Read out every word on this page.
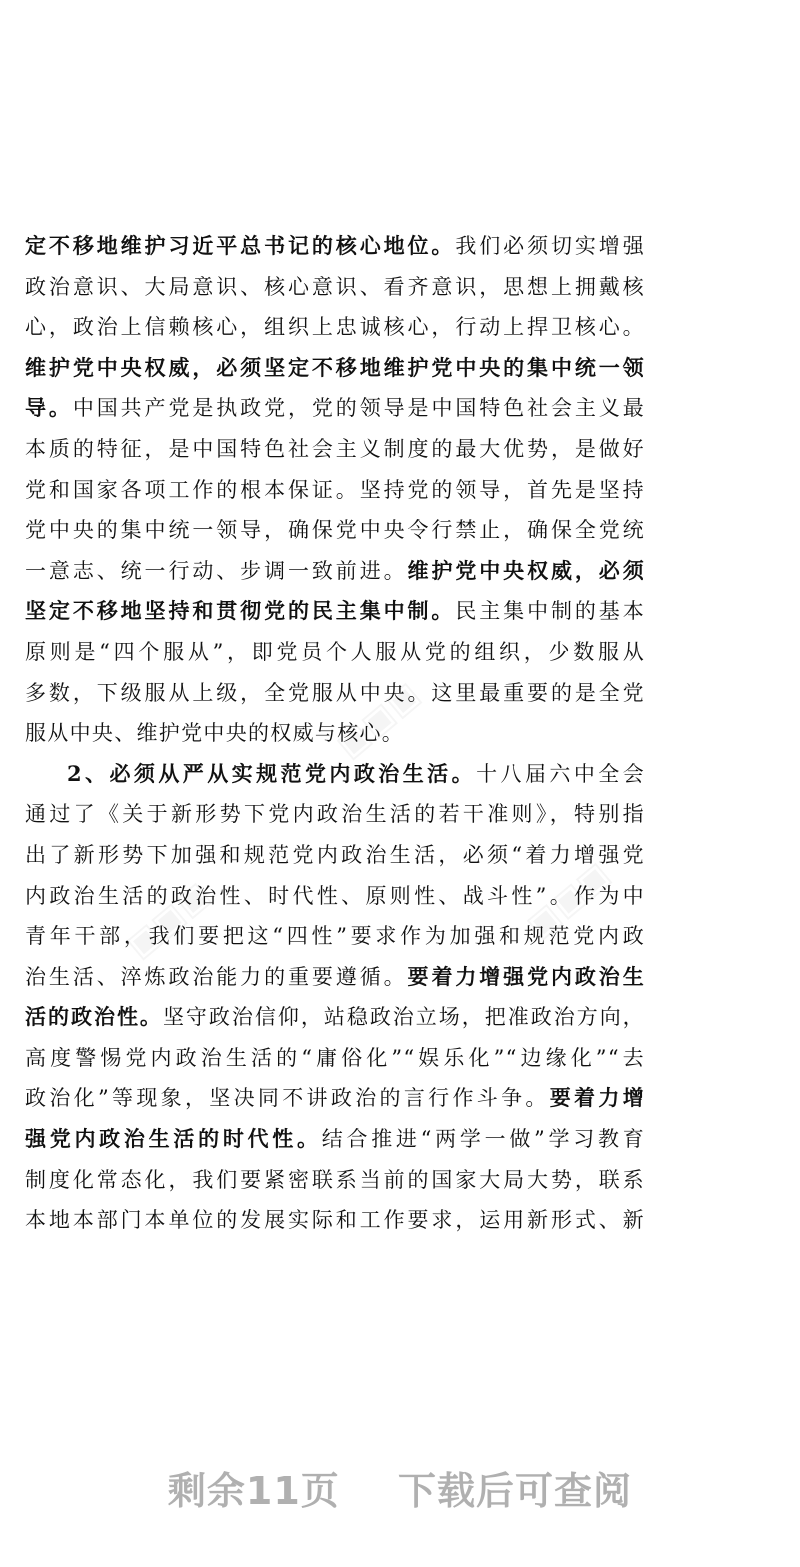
▣▣▣
▣▣▣	▣▣▣
定不移地维护习近平总书记的核心地位。我们必须切实增强
政治意识、大局意识、核心意识、看齐意识，思想上拥戴核
心，政治上信赖核心，组织上忠诚核心，行动上捍卫核心。
维护党中央权威，必须坚定不移地维护党中央的集中统一领
导。中国共产党是执政党，党的领导是中国特色社会主义最
本质的特征，是中国特色社会主义制度的最大优势，是做好
党和国家各项工作的根本保证。坚持党的领导，首先是坚持
党中央的集中统一领导，确保党中央令行禁止，确保全党统
一意志、统一行动、步调一致前进。维护党中央权威，必须
坚定不移地坚持和贯彻党的民主集中制。民主集中制的基本
原则是“四个服从”，即党员个人服从党的组织，少数服从
多数，下级服从上级，全党服从中央。这里最重要的是全党
服从中央、维护党中央的权威与核心。
2、必须从严从实规范党内政治生活。十八届六中全会
通过了《关于新形势下党内政治生活的若干准则》，特别指
出了新形势下加强和规范党内政治生活，必须“着力增强党
内政治生活的政治性、时代性、原则性、战斗性”。作为中
青年干部，我们要把这“四性”要求作为加强和规范党内政
治生活、淬炼政治能力的重要遵循。要着力增强党内政治生
活的政治性。坚守政治信仰，站稳政治立场，把准政治方向，
高度警惕党内政治生活的“庸俗化”“娱乐化”“边缘化”“去
政治化”等现象，坚决同不讲政治的言行作斗争。要着力增
强党内政治生活的时代性。结合推进“两学一做”学习教育
制度化常态化，我们要紧密联系当前的国家大局大势，联系
本地本部门本单位的发展实际和工作要求，运用新形式、新
剩余11页 下载后可查阅
